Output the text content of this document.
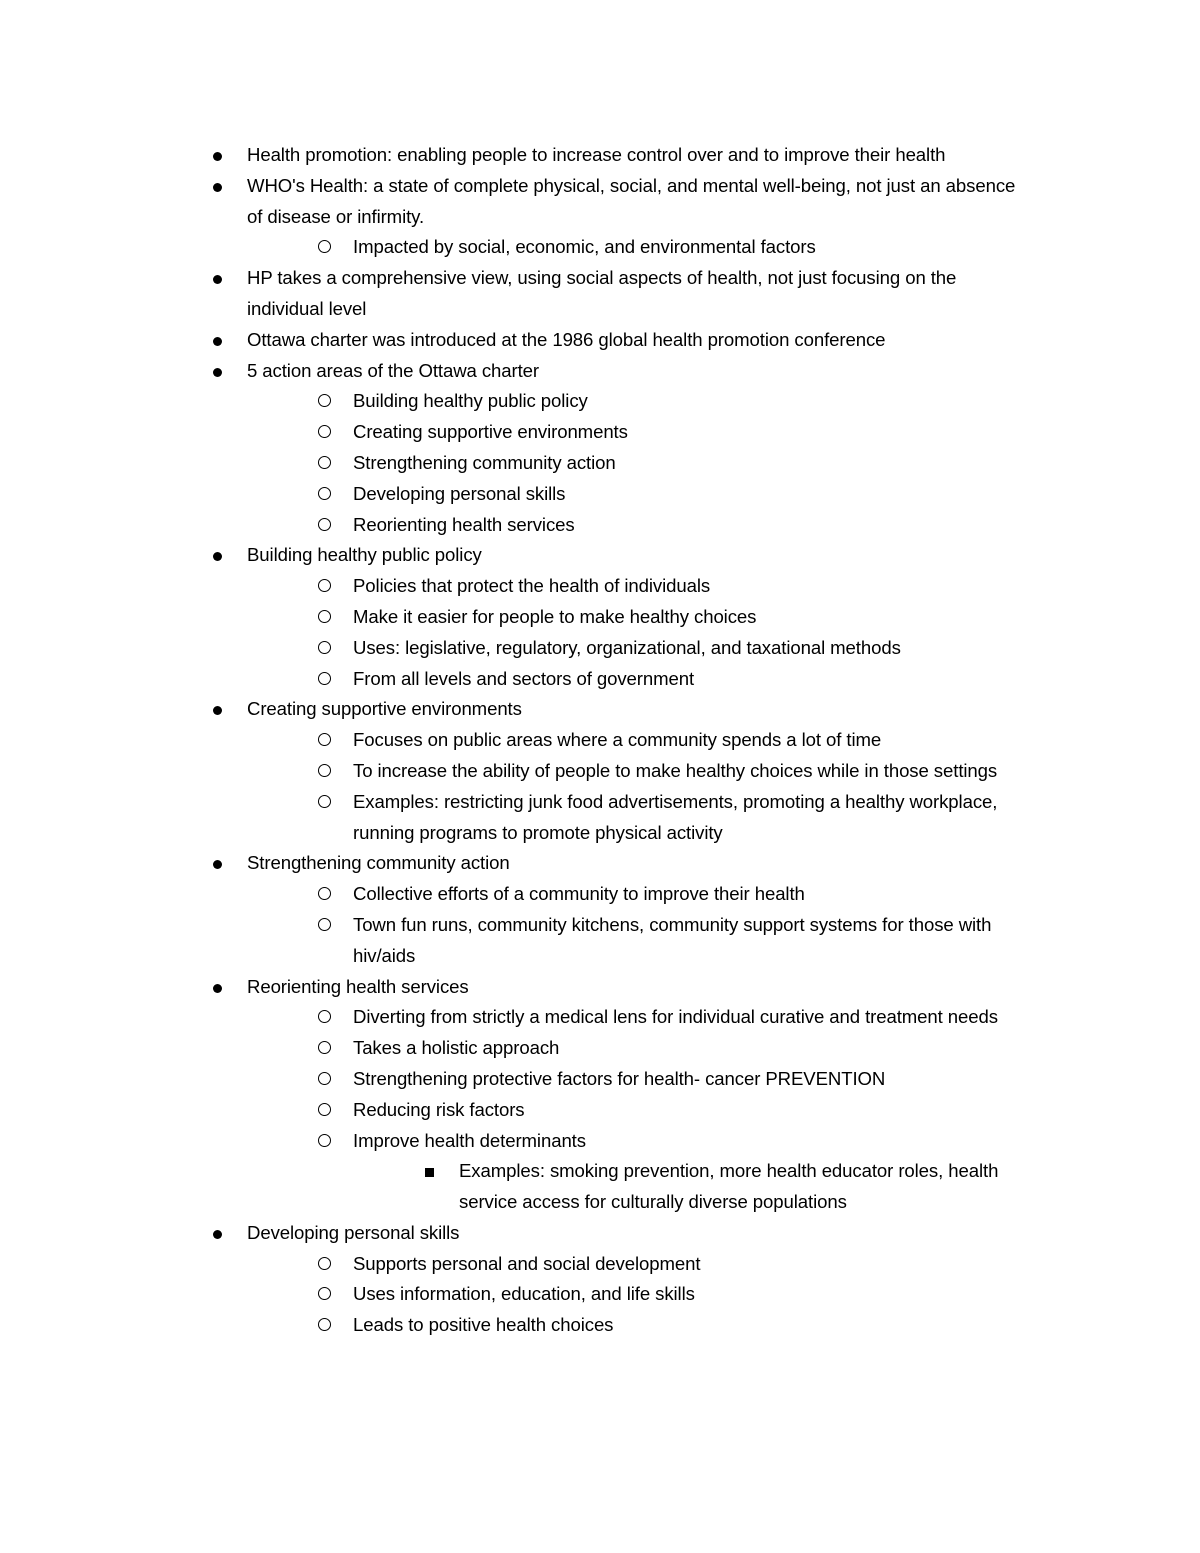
Health promotion: enabling people to increase control over and to improve their health
WHO's Health: a state of complete physical, social, and mental well-being, not just an absence of disease or infirmity.
Impacted by social, economic, and environmental factors
HP takes a comprehensive view, using social aspects of health, not just focusing on the individual level
Ottawa charter was introduced at the 1986 global health promotion conference
5 action areas of the Ottawa charter
Building healthy public policy
Creating supportive environments
Strengthening community action
Developing personal skills
Reorienting health services
Building healthy public policy
Policies that protect the health of individuals
Make it easier for people to make healthy choices
Uses: legislative, regulatory, organizational, and taxational methods
From all levels and sectors of government
Creating supportive environments
Focuses on public areas where a community spends a lot of time
To increase the ability of people to make healthy choices while in those settings
Examples: restricting junk food advertisements, promoting a healthy workplace, running programs to promote physical activity
Strengthening community action
Collective efforts of a community to improve their health
Town fun runs, community kitchens, community support systems for those with hiv/aids
Reorienting health services
Diverting from strictly a medical lens for individual curative and treatment needs
Takes a holistic approach
Strengthening protective factors for health- cancer PREVENTION
Reducing risk factors
Improve health determinants
Examples: smoking prevention, more health educator roles, health service access for culturally diverse populations
Developing personal skills
Supports personal and social development
Uses information, education, and life skills
Leads to positive health choices
